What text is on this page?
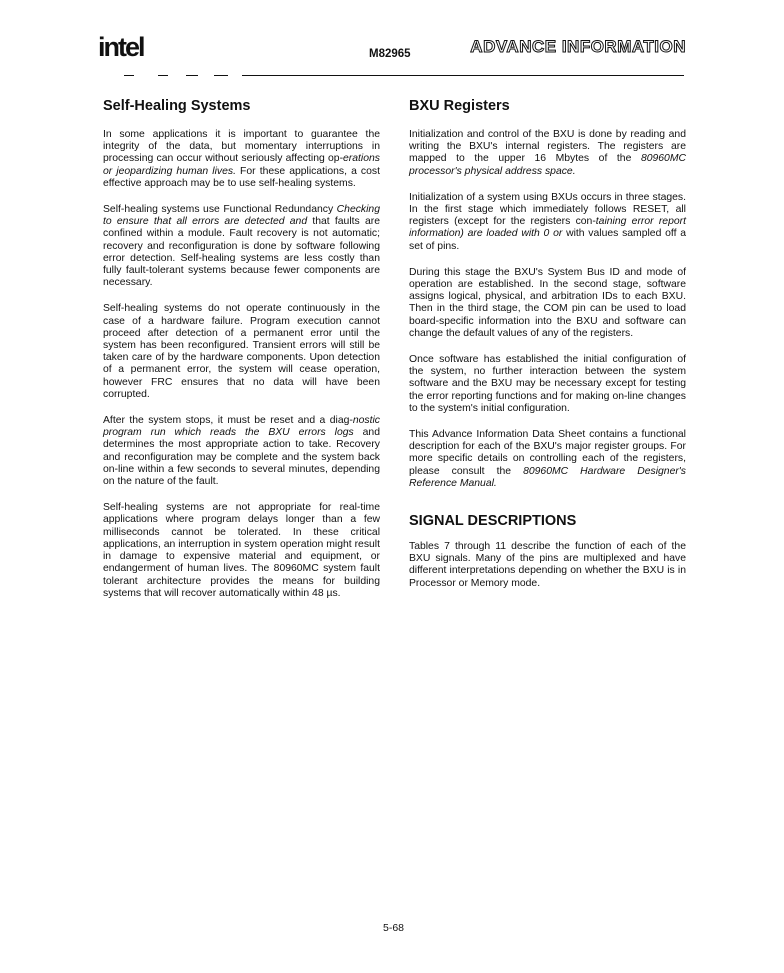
intel	M82965	ADVANCE INFORMATION
Self-Healing Systems

In some applications it is important to guarantee the integrity of the data, but momentary interruptions in processing can occur without seriously affecting op-erations or jeopardizing human lives. For these applications, a cost effective approach may be to use self-healing systems.

Self-healing systems use Functional Redundancy Checking to ensure that all errors are detected and that faults are confined within a module. Fault recovery is not automatic; recovery and reconfiguration is done by software following error detection. Self-healing systems are less costly than fully fault-tolerant systems because fewer components are necessary.

Self-healing systems do not operate continuously in the case of a hardware failure. Program execution cannot proceed after detection of a permanent error until the system has been reconfigured. Transient errors will still be taken care of by the hardware components. Upon detection of a permanent error, the system will cease operation, however FRC ensures that no data will have been corrupted.

After the system stops, it must be reset and a diag-nostic program run which reads the BXU errors logs and determines the most appropriate action to take. Recovery and reconfiguration may be complete and the system back on-line within a few seconds to several minutes, depending on the nature of the fault.

Self-healing systems are not appropriate for real-time applications where program delays longer than a few milliseconds cannot be tolerated. In these critical applications, an interruption in system operation might result in damage to expensive material and equipment, or endangerment of human lives. The 80960MC system fault tolerant architecture provides the means for building systems that will recover automatically within 48 µs.

BXU Registers

Initialization and control of the BXU is done by reading and writing the BXU's internal registers. The registers are mapped to the upper 16 Mbytes of the 80960MC processor's physical address space.

Initialization of a system using BXUs occurs in three stages. In the first stage which immediately follows RESET, all registers (except for the registers con-taining error report information) are loaded with 0 or with values sampled off a set of pins.

During this stage the BXU's System Bus ID and mode of operation are established. In the second stage, software assigns logical, physical, and arbitration IDs to each BXU. Then in the third stage, the COM pin can be used to load board-specific information into the BXU and software can change the default values of any of the registers.

Once software has established the initial configuration of the system, no further interaction between the system software and the BXU may be necessary except for testing the error reporting functions and for making on-line changes to the system's initial configuration.

This Advance Information Data Sheet contains a functional description for each of the BXU's major register groups. For more specific details on controlling each of the registers, please consult the 80960MC Hardware Designer's Reference Manual.

SIGNAL DESCRIPTIONS

Tables 7 through 11 describe the function of each of the BXU signals. Many of the pins are multiplexed and have different interpretations depending on whether the BXU is in Processor or Memory mode.

5-68
